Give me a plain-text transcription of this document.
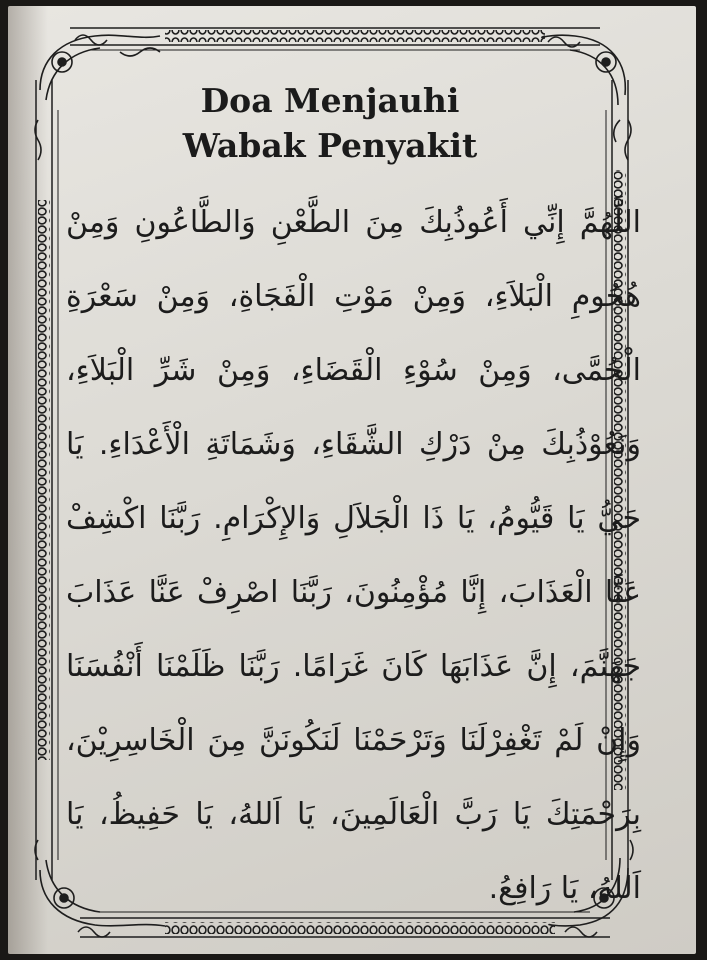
Doa Menjauhi
Wabak Penyakit

اللَّهُمَّ إِنِّي أَعُوذُبِكَ مِنَ الطَّعْنِ وَالطَّاعُونِ وَمِنْ هُجُومِ الْبَلاَءِ، وَمِنْ مَوْتِ الْفَجَاةِ، وَمِنْ سَعْرَةِ الْحُمَّى، وَمِنْ سُوْءِ الْقَضَاءِ، وَمِنْ شَرِّ الْبَلاَءِ، وَنَعُوْذُبِكَ مِنْ دَرْكِ الشَّقَاءِ، وَشَمَاتَةِ الْأَعْدَاءِ. يَا حَيُّ يَا قَيُّومُ، يَا ذَا الْجَلاَلِ وَالإِكْرَامِ. رَبَّنَا اكْشِفْ عَنَّا الْعَذَابَ، إِنَّا مُؤْمِنُونَ، رَبَّنَا اصْرِفْ عَنَّا عَذَابَ جَهَنَّمَ، إِنَّ عَذَابَهَا كَانَ غَرَامًا. رَبَّنَا ظَلَمْنَا أَنْفُسَنَا وَإِنْ لَمْ تَغْفِرْلَنَا وَتَرْحَمْنَا لَنَكُونَنَّ مِنَ الْخَاسِرِيْنَ، بِرَحْمَتِكَ يَا رَبَّ الْعَالَمِينَ، يَا اَللهُ، يَا حَفِيظُ، يَا اَللهُ، يَا رَافِعُ.
